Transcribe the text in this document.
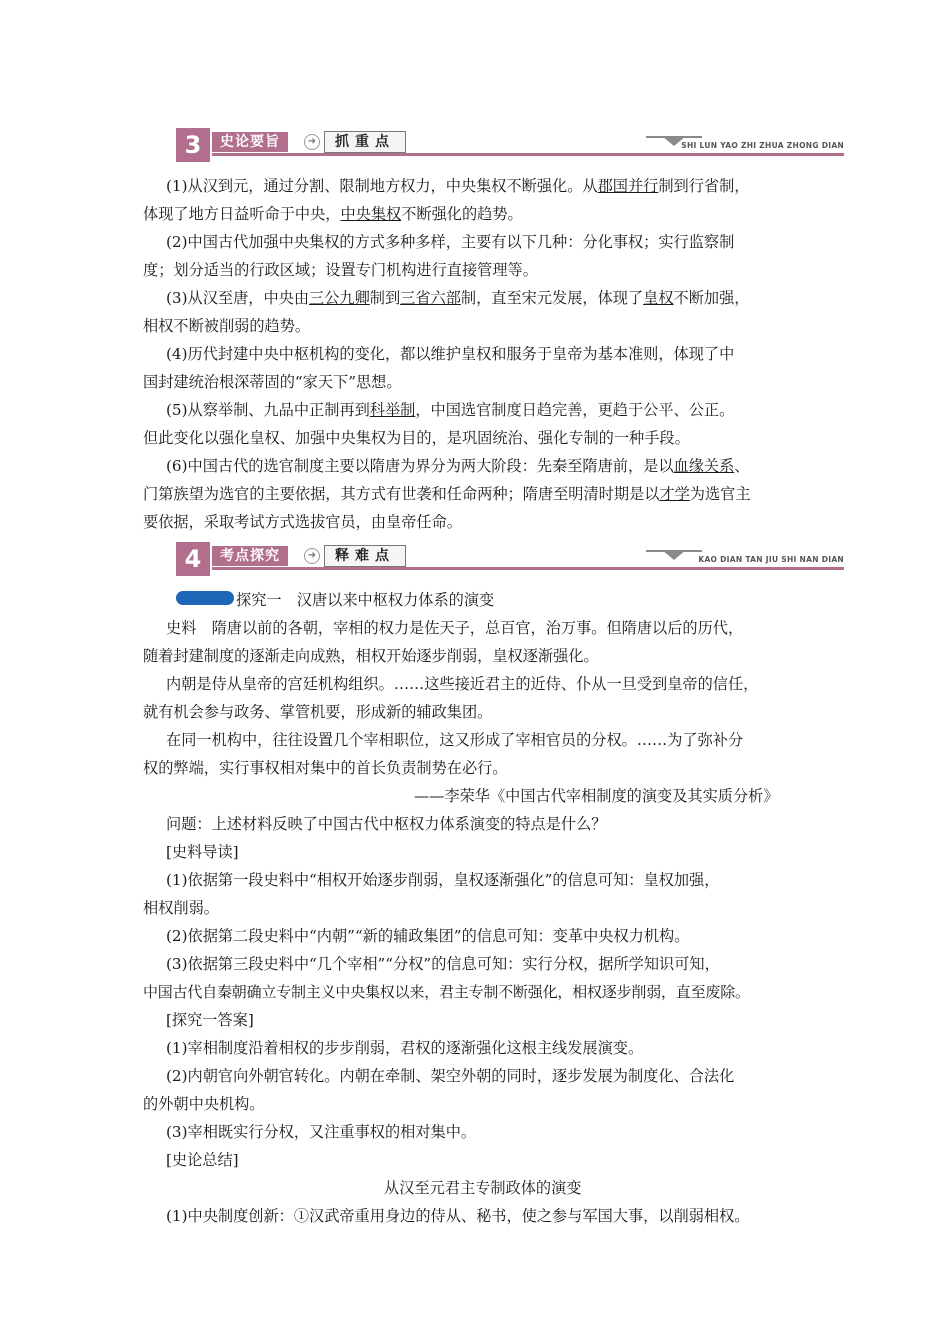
3	史论要旨	➜	抓重点	SHI LUN YAO ZHI ZHUA ZHONG DIAN
(1)从汉到元，通过分割、限制地方权力，中央集权不断强化。从郡国并行制到行省制，
体现了地方日益听命于中央，中央集权不断强化的趋势。
(2)中国古代加强中央集权的方式多种多样，主要有以下几种：分化事权；实行监察制
度；划分适当的行政区域；设置专门机构进行直接管理等。
(3)从汉至唐，中央由三公九卿制到三省六部制，直至宋元发展，体现了皇权不断加强，
相权不断被削弱的趋势。
(4)历代封建中央中枢机构的变化，都以维护皇权和服务于皇帝为基本准则，体现了中
国封建统治根深蒂固的“家天下”思想。
(5)从察举制、九品中正制再到科举制，中国选官制度日趋完善，更趋于公平、公正。
但此变化以强化皇权、加强中央集权为目的，是巩固统治、强化专制的一种手段。
(6)中国古代的选官制度主要以隋唐为界分为两大阶段：先秦至隋唐前，是以血缘关系、
门第族望为选官的主要依据，其方式有世袭和任命两种；隋唐至明清时期是以才学为选官主
要依据，采取考试方式选拔官员，由皇帝任命。
4	考点探究	➜	释难点	KAO DIAN TAN JIU SHI NAN DIAN
探究一　汉唐以来中枢权力体系的演变
史料　隋唐以前的各朝，宰相的权力是佐天子，总百官，治万事。但隋唐以后的历代，
随着封建制度的逐渐走向成熟，相权开始逐步削弱，皇权逐渐强化。
内朝是侍从皇帝的宫廷机构组织。……这些接近君主的近侍、仆从一旦受到皇帝的信任，
就有机会参与政务、掌管机要，形成新的辅政集团。
在同一机构中，往往设置几个宰相职位，这又形成了宰相官员的分权。……为了弥补分
权的弊端，实行事权相对集中的首长负责制势在必行。
——李荣华《中国古代宰相制度的演变及其实质分析》
问题：上述材料反映了中国古代中枢权力体系演变的特点是什么？
[史料导读]
(1)依据第一段史料中“相权开始逐步削弱，皇权逐渐强化”的信息可知：皇权加强，
相权削弱。
(2)依据第二段史料中“内朝”“新的辅政集团”的信息可知：变革中央权力机构。
(3)依据第三段史料中“几个宰相”“分权”的信息可知：实行分权，据所学知识可知，
中国古代自秦朝确立专制主义中央集权以来，君主专制不断强化，相权逐步削弱，直至废除。
[探究一答案]
(1)宰相制度沿着相权的步步削弱，君权的逐渐强化这根主线发展演变。
(2)内朝官向外朝官转化。内朝在牵制、架空外朝的同时，逐步发展为制度化、合法化
的外朝中央机构。
(3)宰相既实行分权，又注重事权的相对集中。
[史论总结]
从汉至元君主专制政体的演变
(1)中央制度创新：①汉武帝重用身边的侍从、秘书，使之参与军国大事，以削弱相权。
